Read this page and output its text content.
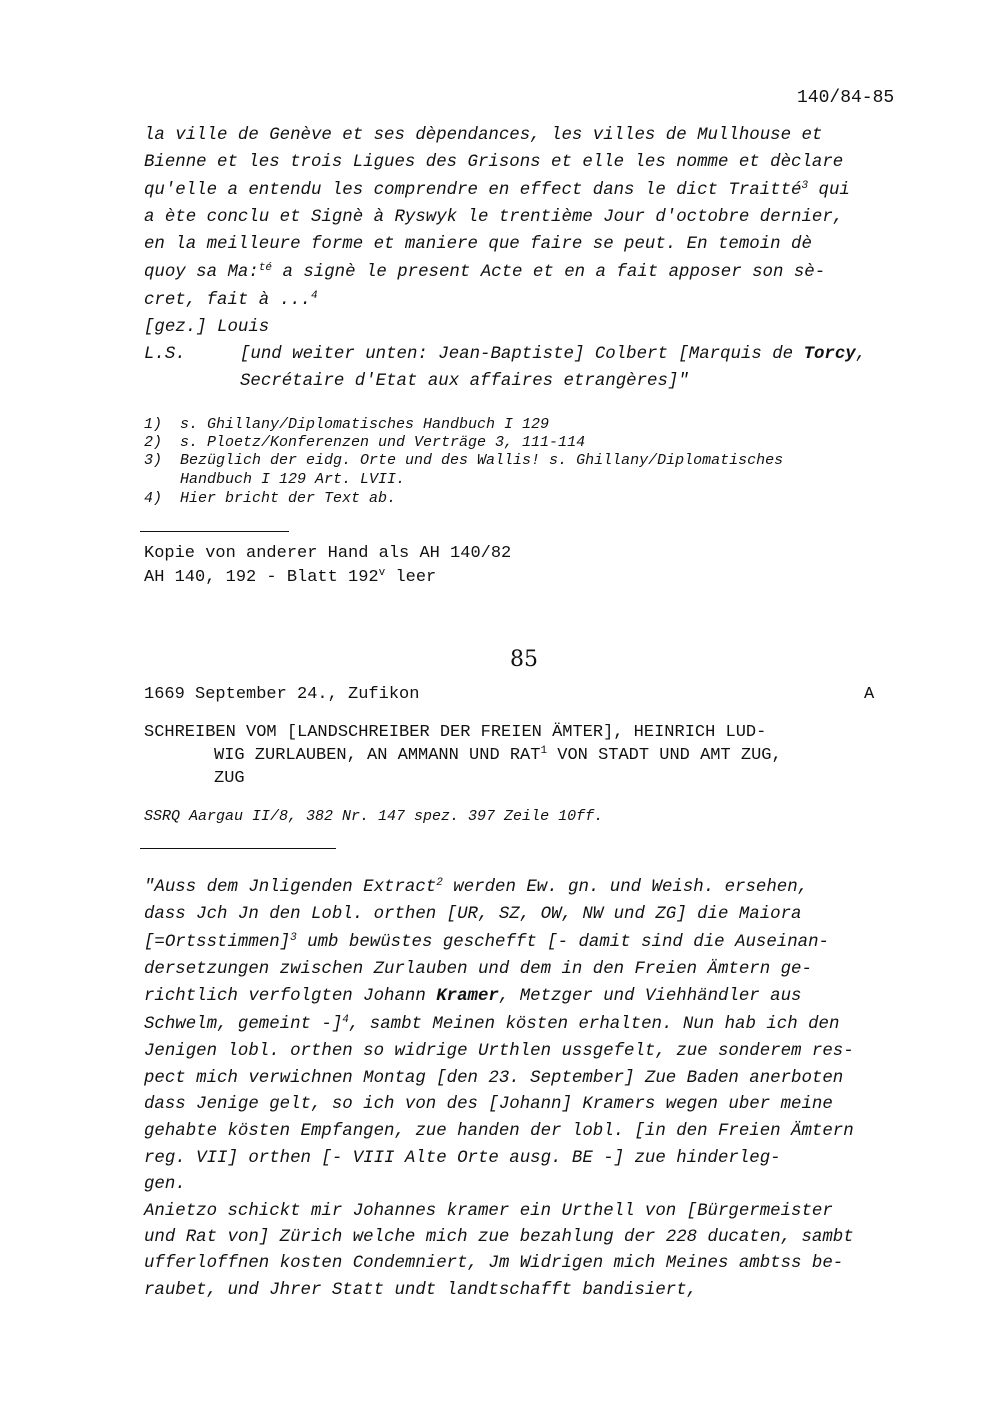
140/84-85
la ville de Genève et ses dèpendances, les villes de Mullhouse et
Bienne et les trois Ligues des Grisons et elle les nomme et dèclare
qu'elle a entendu les comprendre en effect dans le dict Traitté$^3$ qui
a ète conclu et Signè à Ryswyk le trentième Jour d'octobre dernier,
en la meilleure forme et maniere que faire se peut. En temoin dè
quoy sa Ma:$^{té}$ a signè le present Acte et en a fait apposer son sè-
cret, fait à ...$^4$
[gez.] Louis
L.S.	[und weiter unten: Jean-Baptiste] Colbert [Marquis de Torcy,
Secrétaire d'Etat aux affaires etrangères]"
1) s. Ghillany/Diplomatisches Handbuch I 129
2) s. Ploetz/Konferenzen und Verträge 3, 111-114
3) Bezüglich der eidg. Orte und des Wallis! s. Ghillany/Diplomatisches
Handbuch I 129 Art. LVII.
4) Hier bricht der Text ab.
Kopie von anderer Hand als AH 140/82
AH 140, 192 - Blatt 192$^v$ leer
85
1669 September 24., Zufikon	A
SCHREIBEN VOM [LANDSCHREIBER DER FREIEN ÄMTER], HEINRICH LUD-
WIG ZURLAUBEN, AN AMMANN UND RAT$^1$ VON STADT UND AMT ZUG,
ZUG
SSRQ Aargau II/8, 382 Nr. 147 spez. 397 Zeile 10ff.
"Auss dem Jnligenden Extract$^2$ werden Ew. gn. und Weish. ersehen,
dass Jch Jn den Lobl. orthen [UR, SZ, OW, NW und ZG] die Maiora
[=Ortsstimmen]$^3$ umb bewüstes geschefft [- damit sind die Auseinan-
dersetzungen zwischen Zurlauben und dem in den Freien Ämtern ge-
richtlich verfolgten Johann Kramer, Metzger und Viehhändler aus
Schwelm, gemeint -]$^4$, sambt Meinen kösten erhalten. Nun hab ich den
Jenigen lobl. orthen so widrige Urthlen ussgefelt, zue sonderem res-
pect mich verwichnen Montag [den 23. September] Zue Baden anerboten
dass Jenige gelt, so ich von des [Johann] Kramers wegen uber meine
gehabte kösten Empfangen, zue handen der lobl. [in den Freien Ämtern
reg. VII] orthen [- VIII Alte Orte ausg. BE -] zue hinderleg-
gen.
Anietzo schickt mir Johannes kramer ein Urthell von [Bürgermeister
und Rat von] Zürich welche mich zue bezahlung der 228 ducaten, sambt
ufferloffnen kosten Condemniert, Jm Widrigen mich Meines ambtss be-
raubet, und Jhrer Statt undt landtschafft bandisiert,
